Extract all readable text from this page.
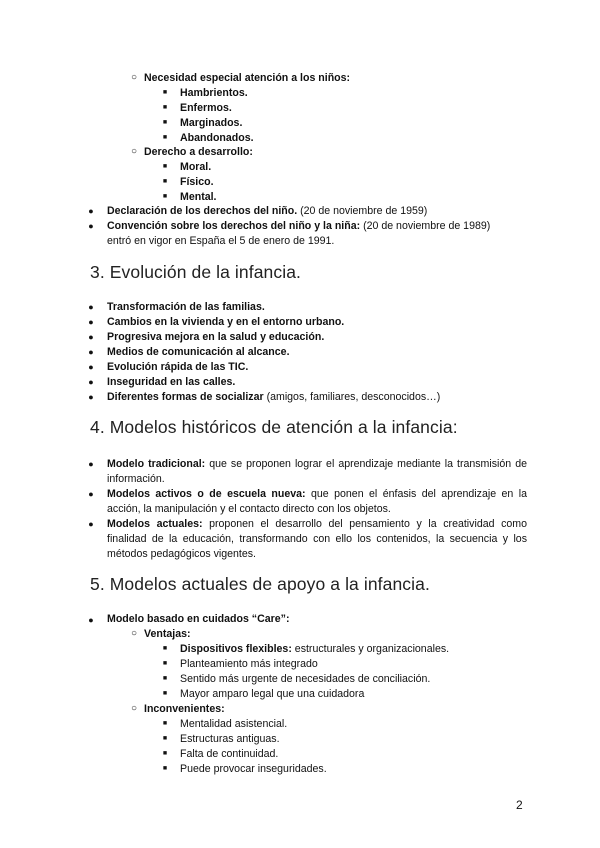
○ Necesidad especial atención a los niños:
■ Hambrientos.
■ Enfermos.
■ Marginados.
■ Abandonados.
○ Derecho a desarrollo:
■ Moral.
■ Físico.
■ Mental.
● Declaración de los derechos del niño. (20 de noviembre de 1959)
● Convención sobre los derechos del niño y la niña: (20 de noviembre de 1989)
entró en vigor en España el 5 de enero de 1991.
3. Evolución de la infancia.
● Transformación de las familias.
● Cambios en la vivienda y en el entorno urbano.
● Progresiva mejora en la salud y educación.
● Medios de comunicación al alcance.
● Evolución rápida de las TIC.
● Inseguridad en las calles.
● Diferentes formas de socializar (amigos, familiares, desconocidos…)
4. Modelos históricos de atención a la infancia:
● Modelo tradicional: que se proponen lograr el aprendizaje mediante la transmisión de información.
● Modelos activos o de escuela nueva: que ponen el énfasis del aprendizaje en la acción, la manipulación y el contacto directo con los objetos.
● Modelos actuales: proponen el desarrollo del pensamiento y la creatividad como finalidad de la educación, transformando con ello los contenidos, la secuencia y los métodos pedagógicos vigentes.
5. Modelos actuales de apoyo a la infancia.
● Modelo basado en cuidados “Care”:
○ Ventajas:
■ Dispositivos flexibles: estructurales y organizacionales.
■ Planteamiento más integrado
■ Sentido más urgente de necesidades de conciliación.
■ Mayor amparo legal que una cuidadora
○ Inconvenientes:
■ Mentalidad asistencial.
■ Estructuras antiguas.
■ Falta de continuidad.
■ Puede provocar inseguridades.
2
